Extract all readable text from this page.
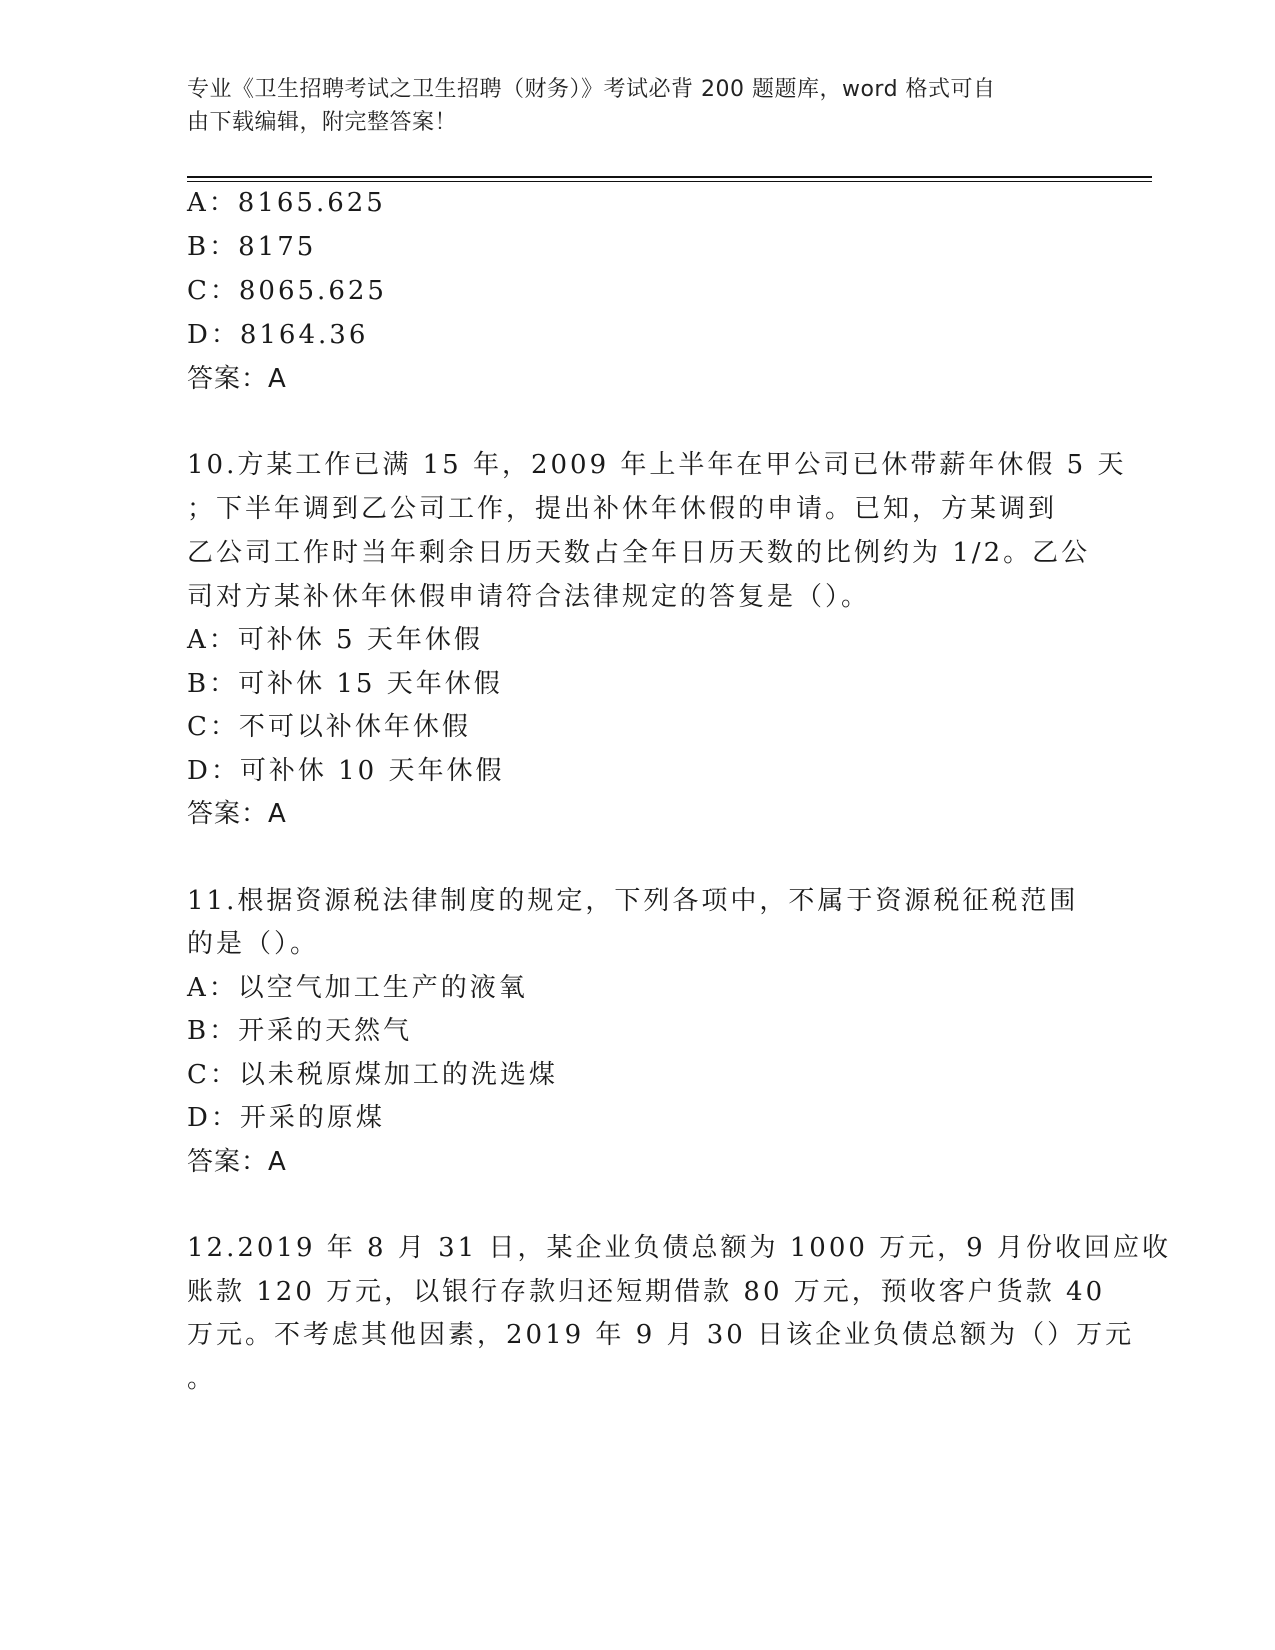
专业《卫生招聘考试之卫生招聘（财务）》考试必背 200 题题库，word 格式可自
由下载编辑，附完整答案！
A：8165.625
B：8175
C：8065.625
D：8164.36
答案：A
10.方某工作已满 15 年，2009 年上半年在甲公司已休带薪年休假 5 天
；下半年调到乙公司工作，提出补休年休假的申请。已知，方某调到
乙公司工作时当年剩余日历天数占全年日历天数的比例约为 1/2。乙公
司对方某补休年休假申请符合法律规定的答复是（）。
A：可补休 5 天年休假
B：可补休 15 天年休假
C：不可以补休年休假
D：可补休 10 天年休假
答案：A
11.根据资源税法律制度的规定，下列各项中，不属于资源税征税范围
的是（）。
A：以空气加工生产的液氧
B：开采的天然气
C：以未税原煤加工的洗选煤
D：开采的原煤
答案：A
12.2019 年 8 月 31 日，某企业负债总额为 1000 万元，9 月份收回应收
账款 120 万元，以银行存款归还短期借款 80 万元，预收客户货款 40
万元。不考虑其他因素，2019 年 9 月 30 日该企业负债总额为（）万元
。
